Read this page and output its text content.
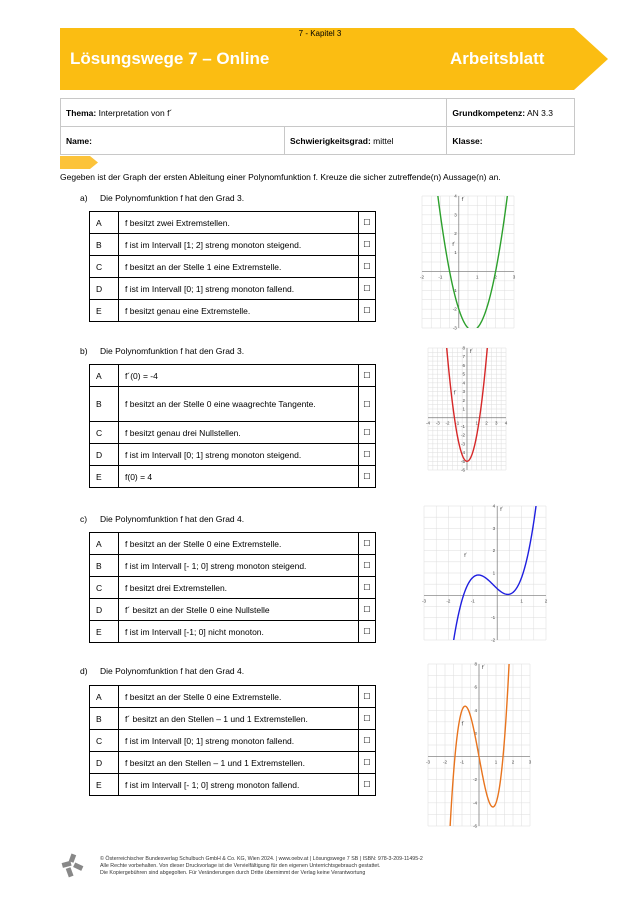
7 - Kapitel 3
Lösungswege 7 – Online	Arbeitsblatt
Thema: Interpretation von f´		Grundkompetenz: AN 3.3
Name:	Schwierigkeitsgrad: mittel	Klasse:
Gegeben ist der Graph der ersten Ableitung einer Polynomfunktion f. Kreuze die sicher zutreffende(n) Aussage(n) an.
a) Die Polynomfunktion f hat den Grad 3.
b) Die Polynomfunktion f hat den Grad 3.
c) Die Polynomfunktion f hat den Grad 4.
d) Die Polynomfunktion f hat den Grad 4.
A	f besitzt zwei Extremstellen.	☐
B	f ist im Intervall [1; 2] streng monoton steigend.	☐
C	f besitzt an der Stelle 1 eine Extremstelle.	☐
D	f ist im Intervall [0; 1] streng monoton fallend.	☐
E	f besitzt genau eine Extremstelle.	☐
A	f´(0) = -4	☐
B	f besitzt an der Stelle 0 eine waagrechte Tangente.	☐
C	f besitzt genau drei Nullstellen.	☐
D	f ist im Intervall [0; 1] streng monoton steigend.	☐
E	f(0) = 4	☐
A	f besitzt an der Stelle 0 eine Extremstelle.	☐
B	f ist im Intervall [- 1; 0] streng monoton steigend.	☐
C	f besitzt drei Extremstellen.	☐
D	f´ besitzt an der Stelle 0 eine Nullstelle	☐
E	f ist im Intervall [-1; 0] nicht monoton.	☐
A	f besitzt an der Stelle 0 eine Extremstelle.	☐
B	f´ besitzt an den Stellen – 1 und 1 Extremstellen.	☐
C	f ist im Intervall [0; 1] streng monoton fallend.	☐
D	f besitzt an den Stellen – 1 und 1 Extremstellen.	☐
E	f ist im Intervall [- 1; 0] streng monoton fallend.	☐
-2	-1	1	2	3
4
3
2
1
-1
-2
-3
f´
f´
-4 -3 -2 -1	1 2 3 4
8
7
6
5
4
3
2
1
-1
-2
-3
-4
-5
-6
f´
f´
-3	-2	-1	1	2
4
3
2
1
-1
-2
f´
f´
-3	-2	-1	1	2	3
8
6
4
2
-2
-4
-6
f´
f´
© Österreichischer Bundesverlag Schulbuch GmbH & Co. KG, Wien 2024. | www.oebv.at | Lösungswege 7 SB | ISBN: 978-3-209-11495-2
Alle Rechte vorbehalten. Von dieser Druckvorlage ist die Vervielfältigung für den eigenen Unterrichtsgebrauch gestattet.
Die Kopiergebühren sind abgegolten. Für Veränderungen durch Dritte übernimmt der Verlag keine Verantwortung
